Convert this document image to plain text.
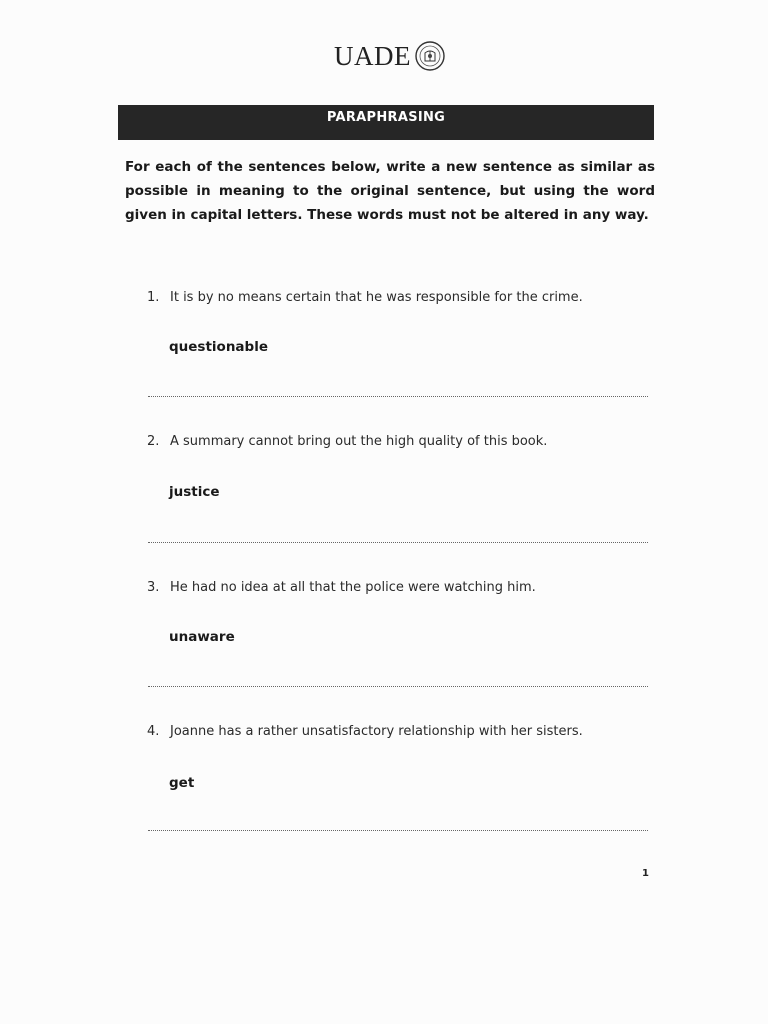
UADE
PARAPHRASING
For each of the sentences below, write a new sentence as similar as possible in meaning to the original sentence, but using the word given in capital letters. These words must not be altered in any way.
1. It is by no means certain that he was responsible for the crime.
questionable
2. A summary cannot bring out the high quality of this book.
justice
3. He had no idea at all that the police were watching him.
unaware
4. Joanne has a rather unsatisfactory relationship with her sisters.
get
1
